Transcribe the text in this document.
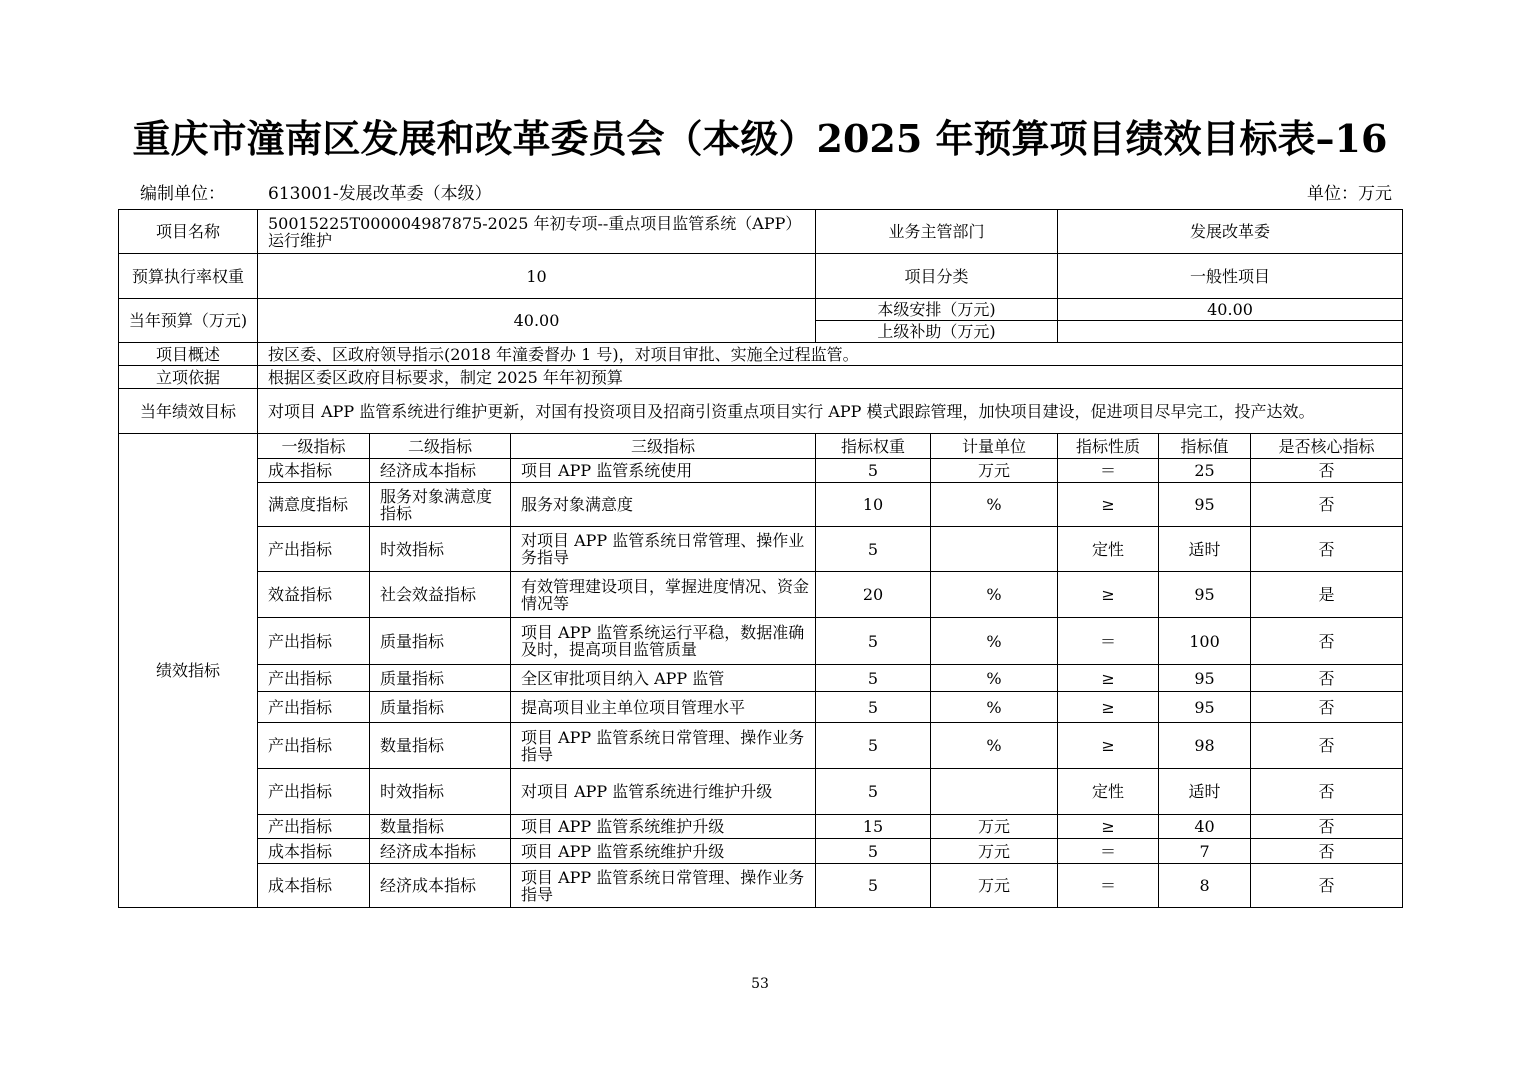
重庆市潼南区发展和改革委员会（本级）2025 年预算项目绩效目标表–16
编制单位：	613001-发展改革委（本级）	单位：万元
项目名称	50015225T000004987875-2025 年初专项--重点项目监管系统（APP）运行维护			业务主管部门		发展改革委		
预算执行率权重	10			项目分类		一般性项目		
当年预算（万元)	40.00			本级安排（万元)		40.00		
				上级补助（万元)				
项目概述	按区委、区政府领导指示(2018 年潼委督办 1 号)，对项目审批、实施全过程监管。							
立项依据	根据区委区政府目标要求，制定 2025 年年初预算							
当年绩效目标	对项目 APP 监管系统进行维护更新，对国有投资项目及招商引资重点项目实行 APP 模式跟踪管理，加快项目建设，促进项目尽早完工，投产达效。							
绩效指标	一级指标	二级指标	三级指标	指标权重	计量单位	指标性质	指标值	是否核心指标
	成本指标	经济成本指标	项目 APP 监管系统使用	5	万元	＝	25	否
	满意度指标	服务对象满意度指标	服务对象满意度	10	%	≥	95	否
	产出指标	时效指标	对项目 APP 监管系统日常管理、操作业务指导	5		定性	适时	否
	效益指标	社会效益指标	有效管理建设项目，掌握进度情况、资金情况等	20	%	≥	95	是
	产出指标	质量指标	项目 APP 监管系统运行平稳，数据准确及时，提高项目监管质量	5	%	＝	100	否
	产出指标	质量指标	全区审批项目纳入 APP 监管	5	%	≥	95	否
	产出指标	质量指标	提高项目业主单位项目管理水平	5	%	≥	95	否
	产出指标	数量指标	项目 APP 监管系统日常管理、操作业务指导	5	%	≥	98	否
	产出指标	时效指标	对项目 APP 监管系统进行维护升级	5		定性	适时	否
	产出指标	数量指标	项目 APP 监管系统维护升级	15	万元	≥	40	否
	成本指标	经济成本指标	项目 APP 监管系统维护升级	5	万元	＝	7	否
	成本指标	经济成本指标	项目 APP 监管系统日常管理、操作业务指导	5	万元	＝	8	否
53
